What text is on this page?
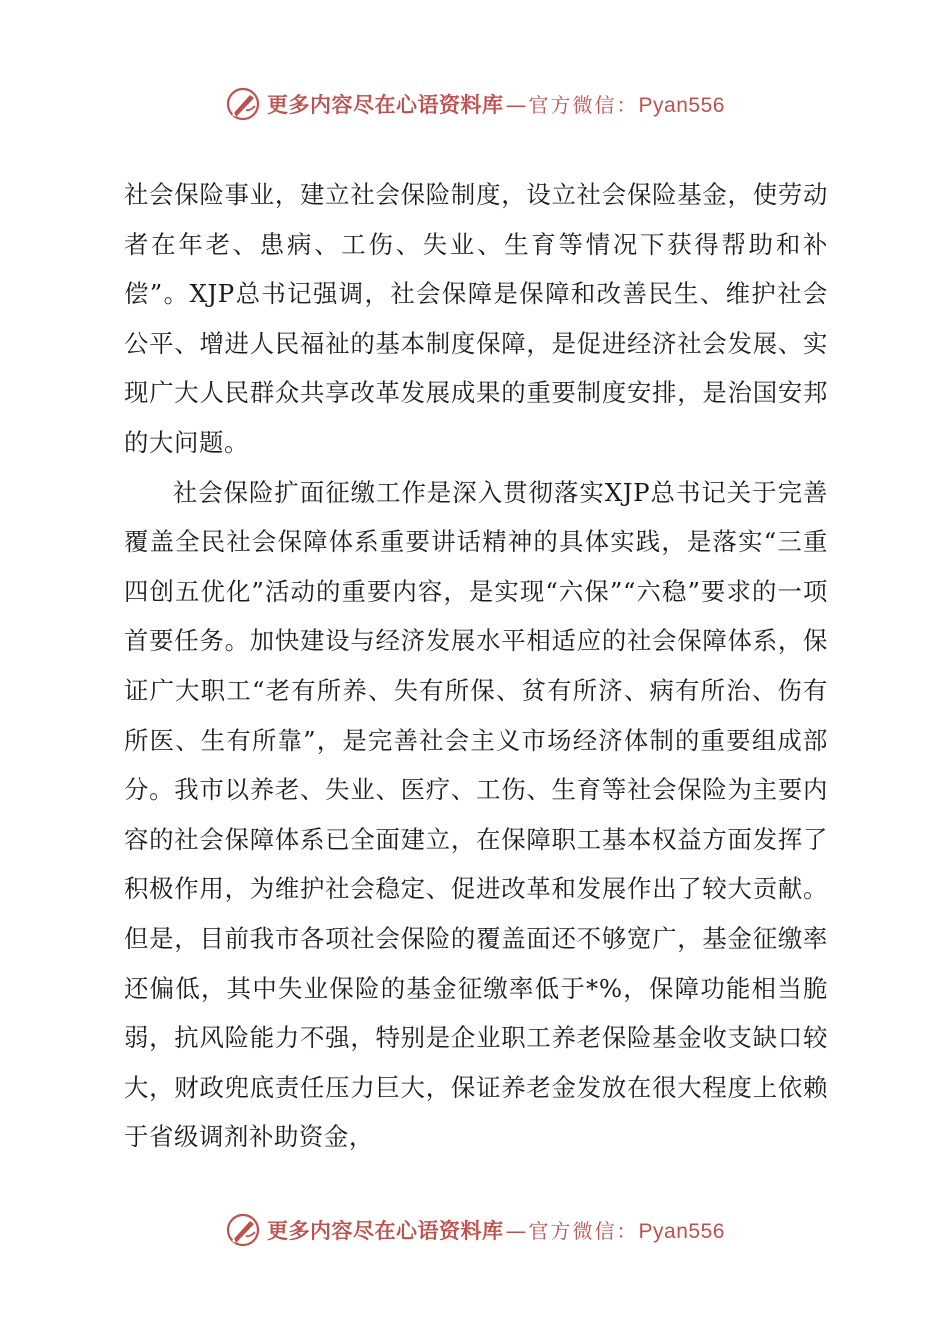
更多内容尽在心语资料库 — 官方微信： Pyan556

社会保险事业，建立社会保险制度，设立社会保险基金，使劳动者在年老、患病、工伤、失业、生育等情况下获得帮助和补偿”。XJP总书记强调，社会保障是保障和改善民生、维护社会公平、增进人民福祉的基本制度保障，是促进经济社会发展、实现广大人民群众共享改革发展成果的重要制度安排，是治国安邦的大问题。

社会保险扩面征缴工作是深入贯彻落实XJP总书记关于完善覆盖全民社会保障体系重要讲话精神的具体实践，是落实“三重四创五优化”活动的重要内容，是实现“六保”“六稳”要求的一项首要任务。加快建设与经济发展水平相适应的社会保障体系，保证广大职工“老有所养、失有所保、贫有所济、病有所治、伤有所医、生有所靠”，是完善社会主义市场经济体制的重要组成部分。我市以养老、失业、医疗、工伤、生育等社会保险为主要内容的社会保障体系已全面建立，在保障职工基本权益方面发挥了积极作用，为维护社会稳定、促进改革和发展作出了较大贡献。但是，目前我市各项社会保险的覆盖面还不够宽广，基金征缴率还偏低，其中失业保险的基金征缴率低于*%，保障功能相当脆弱，抗风险能力不强，特别是企业职工养老保险基金收支缺口较大，财政兜底责任压力巨大，保证养老金发放在很大程度上依赖于省级调剂补助资金，

更多内容尽在心语资料库 — 官方微信： Pyan556
